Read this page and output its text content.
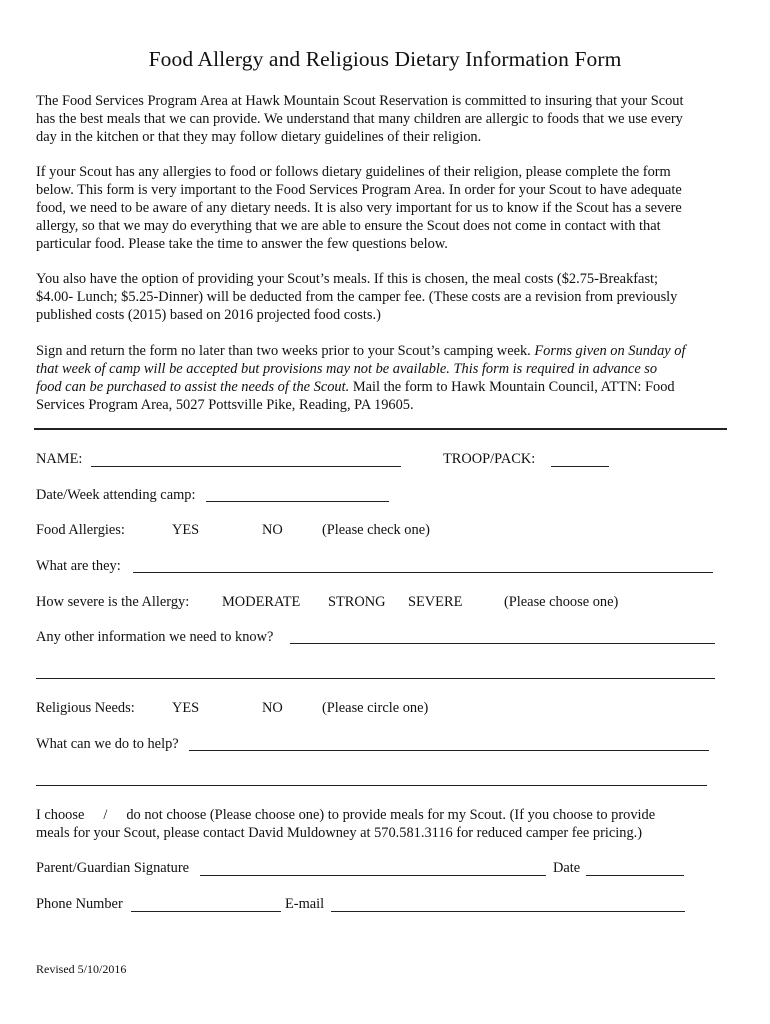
Food Allergy and Religious Dietary Information Form
The Food Services Program Area at Hawk Mountain Scout Reservation is committed to insuring that your Scout
has the best meals that we can provide. We understand that many children are allergic to foods that we use every
day in the kitchen or that they may follow dietary guidelines of their religion.
If your Scout has any allergies to food or follows dietary guidelines of their religion, please complete the form
below. This form is very important to the Food Services Program Area. In order for your Scout to have adequate
food, we need to be aware of any dietary needs. It is also very important for us to know if the Scout has a severe
allergy, so that we may do everything that we are able to ensure the Scout does not come in contact with that
particular food. Please take the time to answer the few questions below.
You also have the option of providing your Scout’s meals. If this is chosen, the meal costs ($2.75-Breakfast;
$4.00- Lunch; $5.25-Dinner) will be deducted from the camper fee. (These costs are a revision from previously
published costs (2015) based on 2016 projected food costs.)
Sign and return the form no later than two weeks prior to your Scout’s camping week. Forms given on Sunday of
that week of camp will be accepted but provisions may not be available. This form is required in advance so
food can be purchased to assist the needs of the Scout. Mail the form to Hawk Mountain Council, ATTN: Food
Services Program Area, 5027 Pottsville Pike, Reading, PA 19605.
NAME:	TROOP/PACK:
Date/Week attending camp:
Food Allergies:	YES	NO	(Please check one)
What are they:
How severe is the Allergy: MODERATE STRONG SEVERE	(Please choose one)
Any other information we need to know?
Religious Needs:	YES	NO	(Please circle one)
What can we do to help?
I choose / do not choose (Please choose one) to provide meals for my Scout. (If you choose to provide
meals for your Scout, please contact David Muldowney at 570.581.3116 for reduced camper fee pricing.)
Parent/Guardian Signature	Date
Phone Number	E-mail
Revised 5/10/2016
